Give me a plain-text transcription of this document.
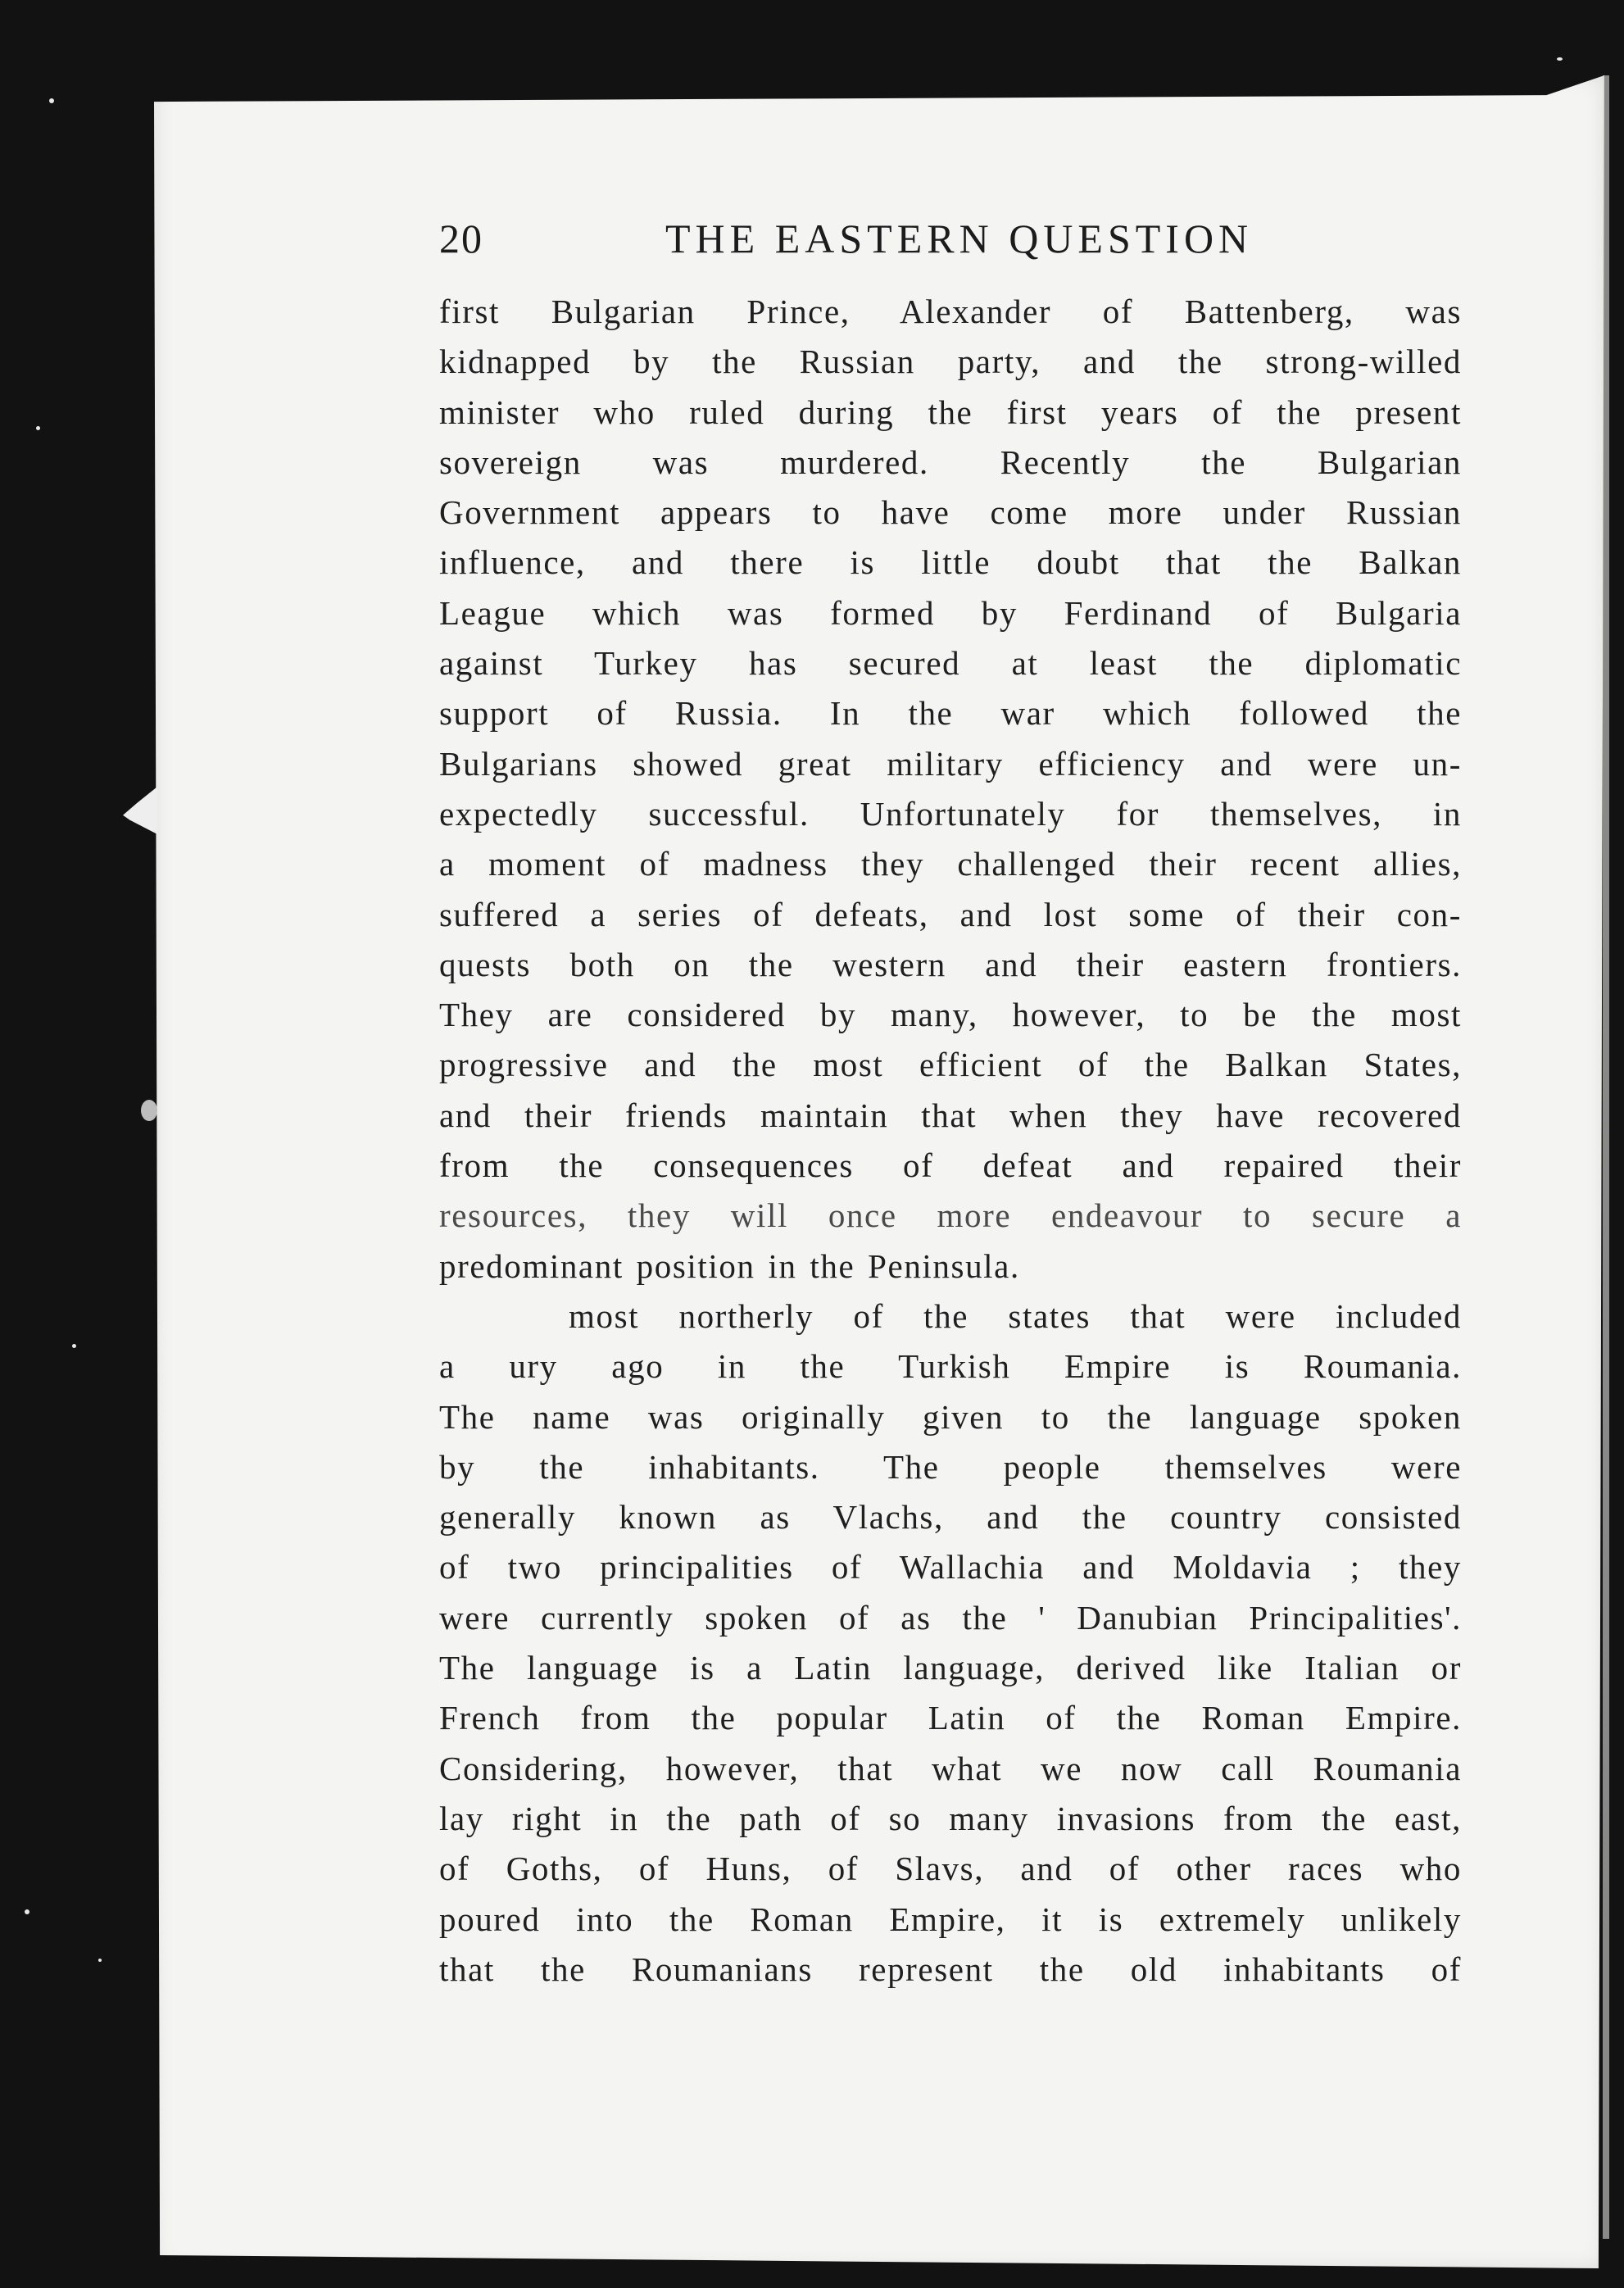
20	THE EASTERN QUESTION
first Bulgarian Prince, Alexander of Battenberg, was
kidnapped by the Russian party, and the strong-willed
minister who ruled during the first years of the present
sovereign was murdered. Recently the Bulgarian
Government appears to have come more under Russian
influence, and there is little doubt that the Balkan
League which was formed by Ferdinand of Bulgaria
against Turkey has secured at least the diplomatic
support of Russia. In the war which followed the
Bulgarians showed great military efficiency and were un-
expectedly successful. Unfortunately for themselves, in
a moment of madness they challenged their recent allies,
suffered a series of defeats, and lost some of their con-
quests both on the western and their eastern frontiers.
They are considered by many, however, to be the most
progressive and the most efficient of the Balkan States,
and their friends maintain that when they have recovered
from the consequences of defeat and repaired their
resources, they will once more endeavour to secure a
predominant position in the Peninsula.
most northerly of the states that were included
a ury ago in the Turkish Empire is Roumania.
The name was originally given to the language spoken
by the inhabitants. The people themselves were
generally known as Vlachs, and the country consisted
of two principalities of Wallachia and Moldavia ; they
were currently spoken of as the ' Danubian Principalities'.
The language is a Latin language, derived like Italian or
French from the popular Latin of the Roman Empire.
Considering, however, that what we now call Roumania
lay right in the path of so many invasions from the east,
of Goths, of Huns, of Slavs, and of other races who
poured into the Roman Empire, it is extremely unlikely
that the Roumanians represent the old inhabitants of
